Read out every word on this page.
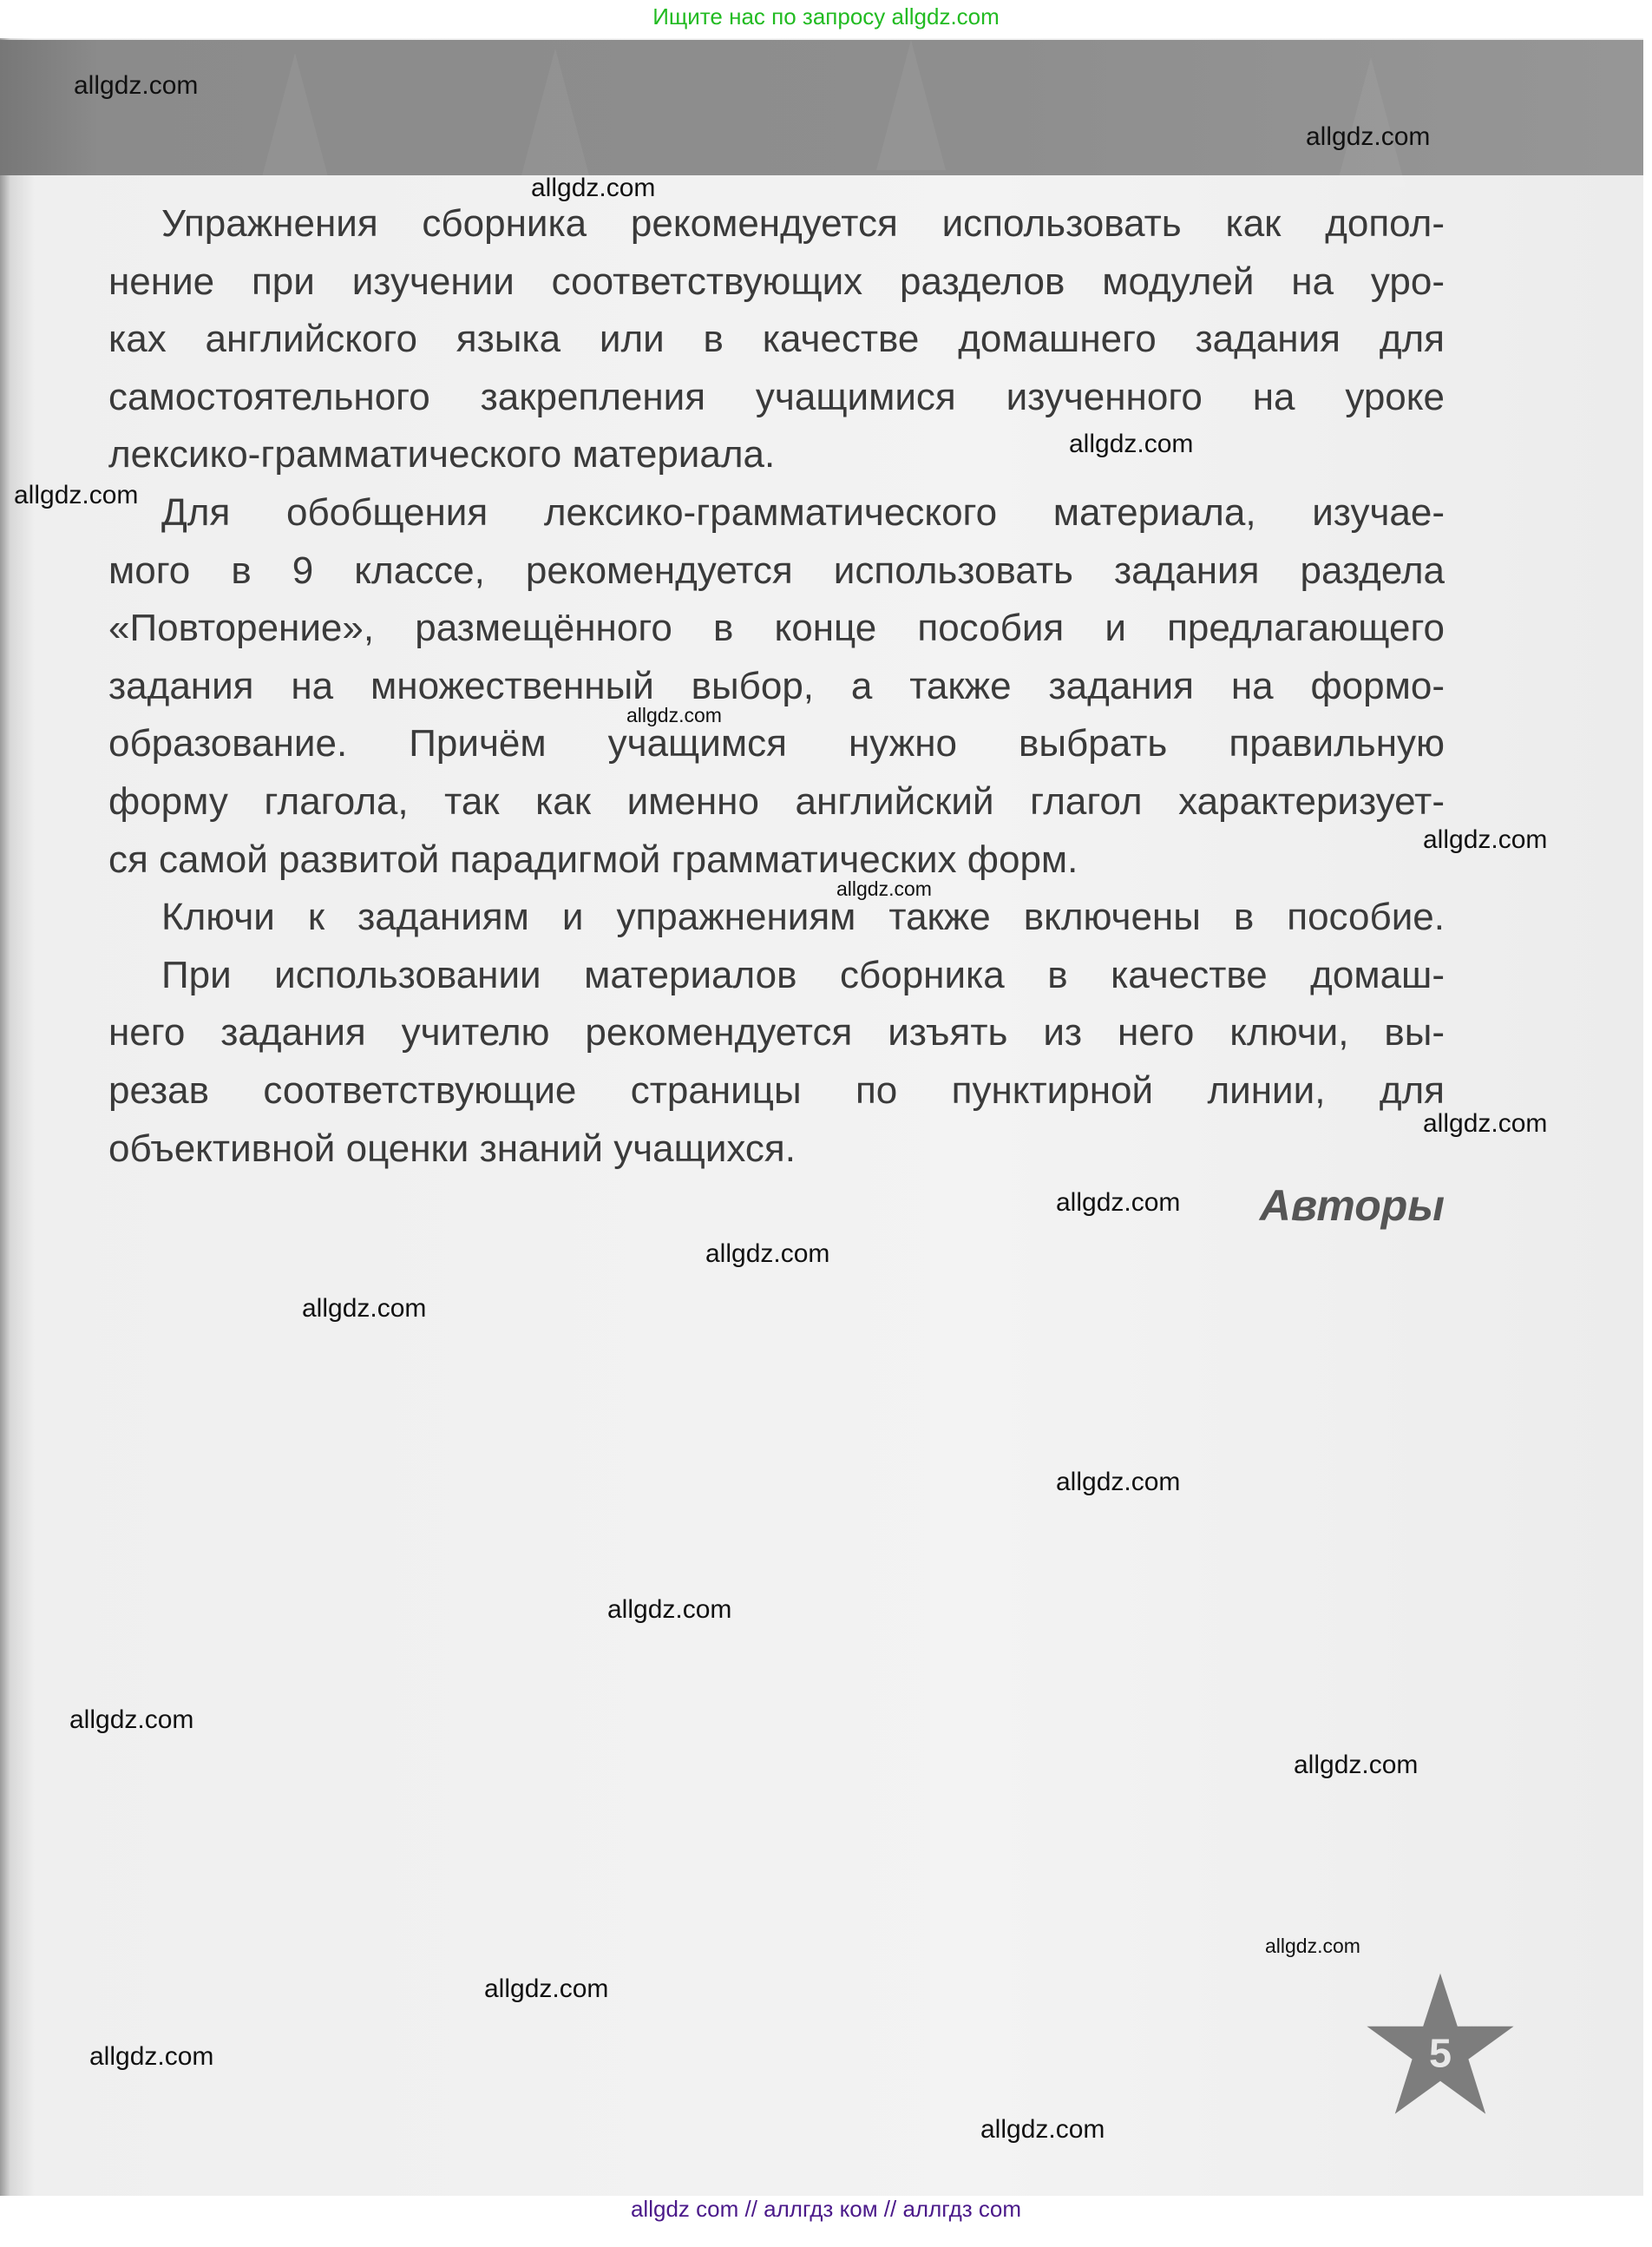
Ищите нас по запросу allgdz.com
Упражнения сборника рекомендуется использовать как допол-
нение при изучении соответствующих разделов модулей на уро-
ках английского языка или в качестве домашнего задания для
самостоятельного закрепления учащимися изученного на уроке
лексико-грамматического материала.
Для обобщения лексико-грамматического материала, изучае-
мого в 9 классе, рекомендуется использовать задания раздела
«Повторение», размещённого в конце пособия и предлагающего
задания на множественный выбор, а также задания на формо-
образование. Причём учащимся нужно выбрать правильную
форму глагола, так как именно английский глагол характеризует-
ся самой развитой парадигмой грамматических форм.
Ключи к заданиям и упражнениям также включены в пособие.
При использовании материалов сборника в качестве домаш-
него задания учителю рекомендуется изъять из него ключи, вы-
резав соответствующие страницы по пунктирной линии, для
объективной оценки знаний учащихся.
Авторы
5
allgdz.com
allgdz.com
allgdz.com
allgdz.com
allgdz.com
allgdz.com
allgdz.com
allgdz.com
allgdz.com
allgdz.com
allgdz.com
allgdz.com
allgdz.com
allgdz.com
allgdz.com
allgdz.com
allgdz.com
allgdz.com
allgdz.com
allgdz.com
allgdz com // аллгдз ком // аллгдз com
